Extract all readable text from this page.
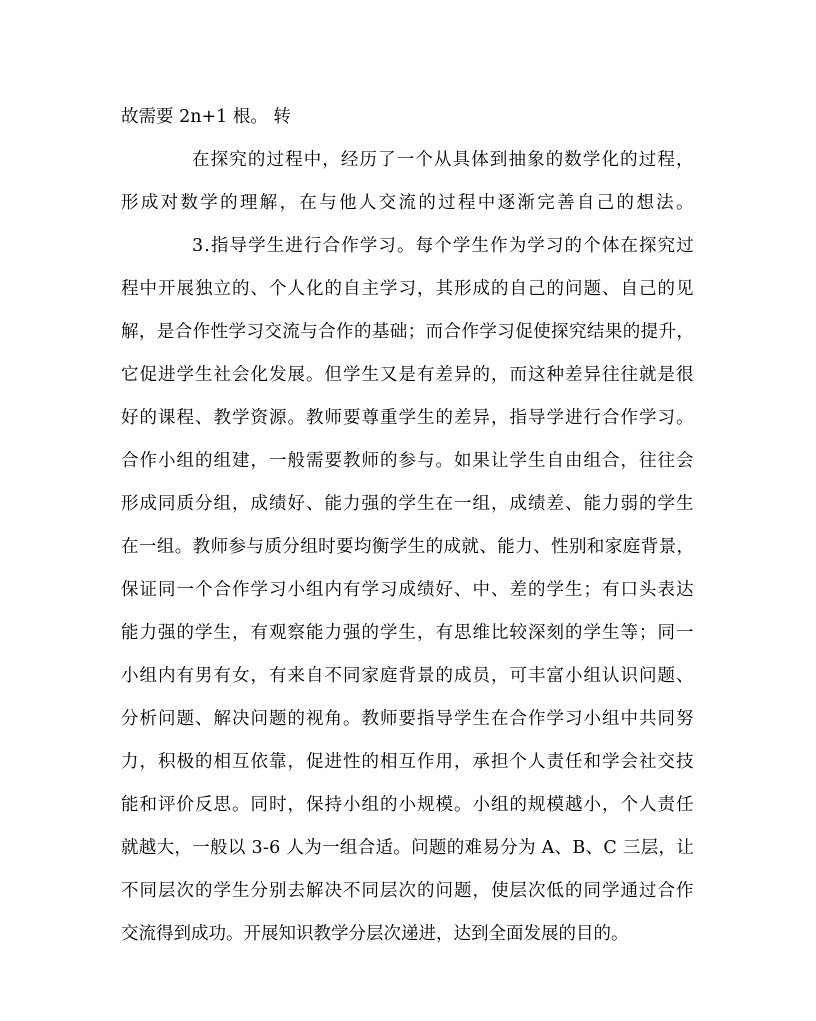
故需要 2n+1 根。 转
在探究的过程中，经历了一个从具体到抽象的数学化的过程，
形成对数学的理解，在与他人交流的过程中逐渐完善自己的想法。
3.指导学生进行合作学习。每个学生作为学习的个体在探究过
程中开展独立的、个人化的自主学习，其形成的自己的问题、自己的见
解，是合作性学习交流与合作的基础；而合作学习促使探究结果的提升，
它促进学生社会化发展。但学生又是有差异的，而这种差异往往就是很
好的课程、教学资源。教师要尊重学生的差异，指导学进行合作学习。
合作小组的组建，一般需要教师的参与。如果让学生自由组合，往往会
形成同质分组，成绩好、能力强的学生在一组，成绩差、能力弱的学生
在一组。教师参与质分组时要均衡学生的成就、能力、性别和家庭背景，
保证同一个合作学习小组内有学习成绩好、中、差的学生；有口头表达
能力强的学生，有观察能力强的学生，有思维比较深刻的学生等；同一
小组内有男有女，有来自不同家庭背景的成员，可丰富小组认识问题、
分析问题、解决问题的视角。教师要指导学生在合作学习小组中共同努
力，积极的相互依靠，促进性的相互作用，承担个人责任和学会社交技
能和评价反思。同时，保持小组的小规模。小组的规模越小，个人责任
就越大，一般以 3-6 人为一组合适。问题的难易分为 A、B、C 三层，让
不同层次的学生分别去解决不同层次的问题，使层次低的同学通过合作
交流得到成功。开展知识教学分层次递进，达到全面发展的目的。
